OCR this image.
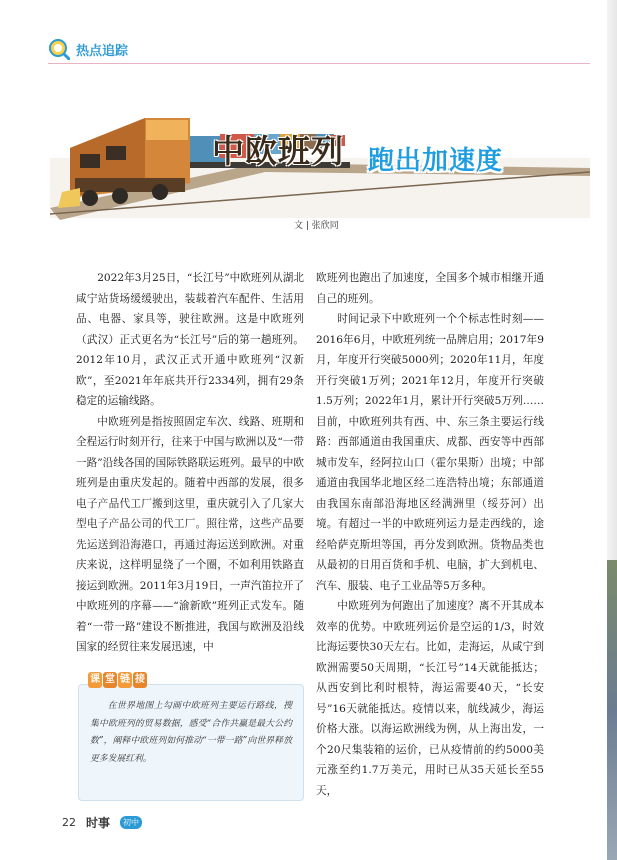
热点追踪
中欧班列 跑出加速度
文 | 张欣同

2022年3月25日，“长江号”中欧班列从湖北咸宁站货场缓缓驶出，装载着汽车配件、生活用品、电器、家具等，驶往欧洲。这是中欧班列（武汉）正式更名为“长江号”后的第一趟班列。2012年10月，武汉正式开通中欧班列“汉新欧”，至2021年年底共开行2334列，拥有29条稳定的运输线路。

中欧班列是指按照固定车次、线路、班期和全程运行时刻开行，往来于中国与欧洲以及“一带一路”沿线各国的国际铁路联运班列。最早的中欧班列是由重庆发起的。随着中西部的发展，很多电子产品代工厂搬到这里，重庆就引入了几家大型电子产品公司的代工厂。照往常，这些产品要先运送到沿海港口，再通过海运送到欧洲。对重庆来说，这样明显绕了一个圈，不如利用铁路直接运到欧洲。2011年3月19日，一声汽笛拉开了中欧班列的序幕——“渝新欧”班列正式发车。随着“一带一路”建设不断推进，我国与欧洲及沿线国家的经贸往来发展迅速，中

欧班列也跑出了加速度，全国多个城市相继开通自己的班列。

时间记录下中欧班列一个个标志性时刻——2016年6月，中欧班列统一品牌启用；2017年9月，年度开行突破5000列；2020年11月，年度开行突破1万列；2021年12月，年度开行突破1.5万列；2022年1月，累计开行突破5万列……目前，中欧班列共有西、中、东三条主要运行线路：西部通道由我国重庆、成都、西安等中西部城市发车，经阿拉山口（霍尔果斯）出境；中部通道由我国华北地区经二连浩特出境；东部通道由我国东南部沿海地区经满洲里（绥芬河）出境。有超过一半的中欧班列运力是走西线的，途经哈萨克斯坦等国，再分发到欧洲。货物品类也从最初的日用百货和手机、电脑，扩大到机电、汽车、服装、电子工业品等5万多种。

中欧班列为何跑出了加速度？离不开其成本效率的优势。中欧班列运价是空运的1/3，时效比海运要快30天左右。比如，走海运，从咸宁到欧洲需要50天周期，“长江号”14天就能抵达；从西安到比利时根特，海运需要40天，“长安号”16天就能抵达。疫情以来，航线减少，海运价格大涨。以海运欧洲线为例，从上海出发，一个20尺集装箱的运价，已从疫情前的约5000美元涨至约1.7万美元，用时已从35天延长至55天，

课 堂 链 接
在世界地图上勾画中欧班列主要运行路线，搜集中欧班列的贸易数据，感受“合作共赢是最大公约数”，阐释中欧班列如何推动“一带一路”向世界释放更多发展红利。
22 时事	初中
